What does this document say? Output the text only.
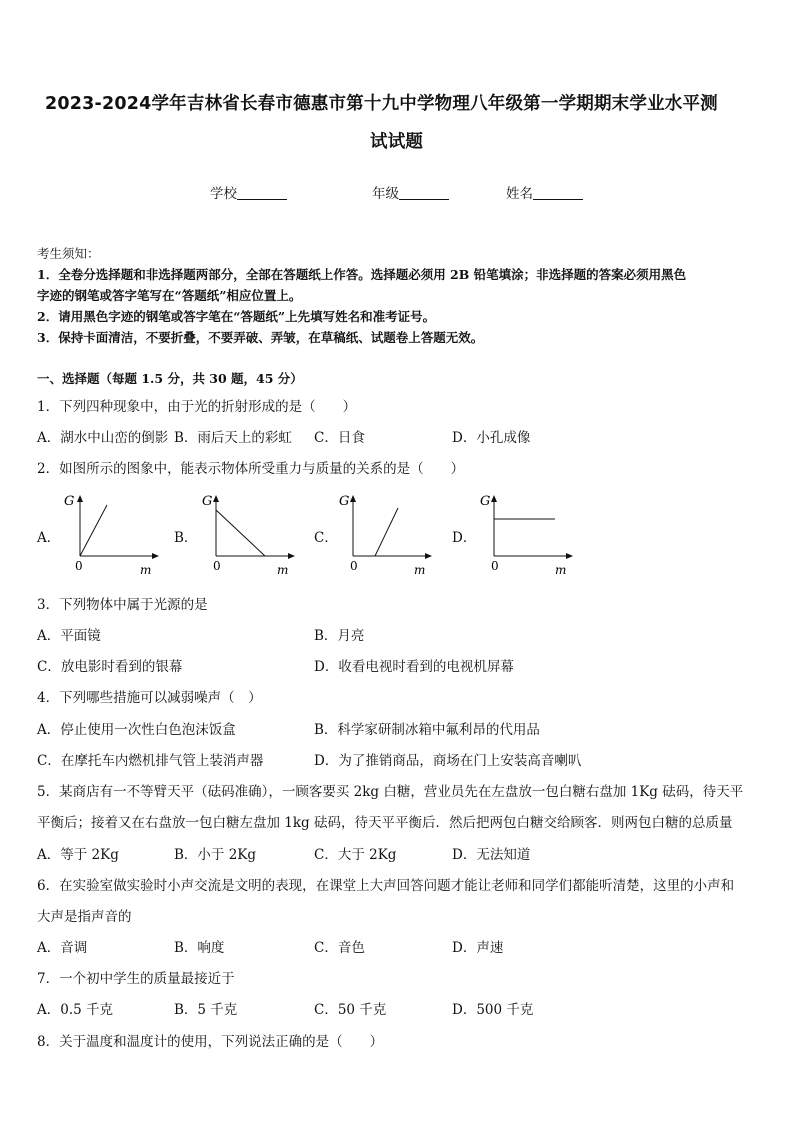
2023-2024学年吉林省长春市德惠市第十九中学物理八年级第一学期期末学业水平测
试试题
学校	年级	姓名
考生须知：
1．全卷分选择题和非选择题两部分，全部在答题纸上作答。选择题必须用 2B 铅笔填涂；非选择题的答案必须用黑色
字迹的钢笔或答字笔写在“答题纸”相应位置上。
2．请用黑色字迹的钢笔或答字笔在“答题纸”上先填写姓名和准考证号。
3．保持卡面清洁，不要折叠，不要弄破、弄皱，在草稿纸、试题卷上答题无效。
一、选择题（每题 1.5 分，共 30 题，45 分）
1．下列四种现象中，由于光的折射形成的是（　　）
A．湖水中山峦的倒影 B．雨后天上的彩虹 C．日食	D．小孔成像
2．如图所示的图象中，能表示物体所受重力与质量的关系的是（　　）
A．	B．	C．	D．
G
0	m
G
0	m
G
0	m
G
0	m
3．下列物体中属于光源的是
A．平面镜	B．月亮
C．放电影时看到的银幕	D．收看电视时看到的电视机屏幕
4．下列哪些措施可以减弱噪声（　）
A．停止使用一次性白色泡沫饭盒	B．科学家研制冰箱中氟利昂的代用品
C．在摩托车内燃机排气管上装消声器	D．为了推销商品，商场在门上安装高音喇叭
5．某商店有一不等臂天平（砝码准确），一顾客要买 2kg 白糖，营业员先在左盘放一包白糖右盘加 1Kg 砝码，待天平
平衡后；接着又在右盘放一包白糖左盘加 1kg 砝码，待天平平衡后．然后把两包白糖交给顾客．则两包白糖的总质量
A．等于 2Kg	B．小于 2Kg	C．大于 2Kg	D．无法知道
6．在实验室做实验时小声交流是文明的表现，在课堂上大声回答问题才能让老师和同学们都能听清楚，这里的小声和
大声是指声音的
A．音调	B．响度	C．音色	D．声速
7．一个初中学生的质量最接近于
A．0.5 千克	B．5 千克	C．50 千克	D．500 千克
8．关于温度和温度计的使用，下列说法正确的是（　　）
